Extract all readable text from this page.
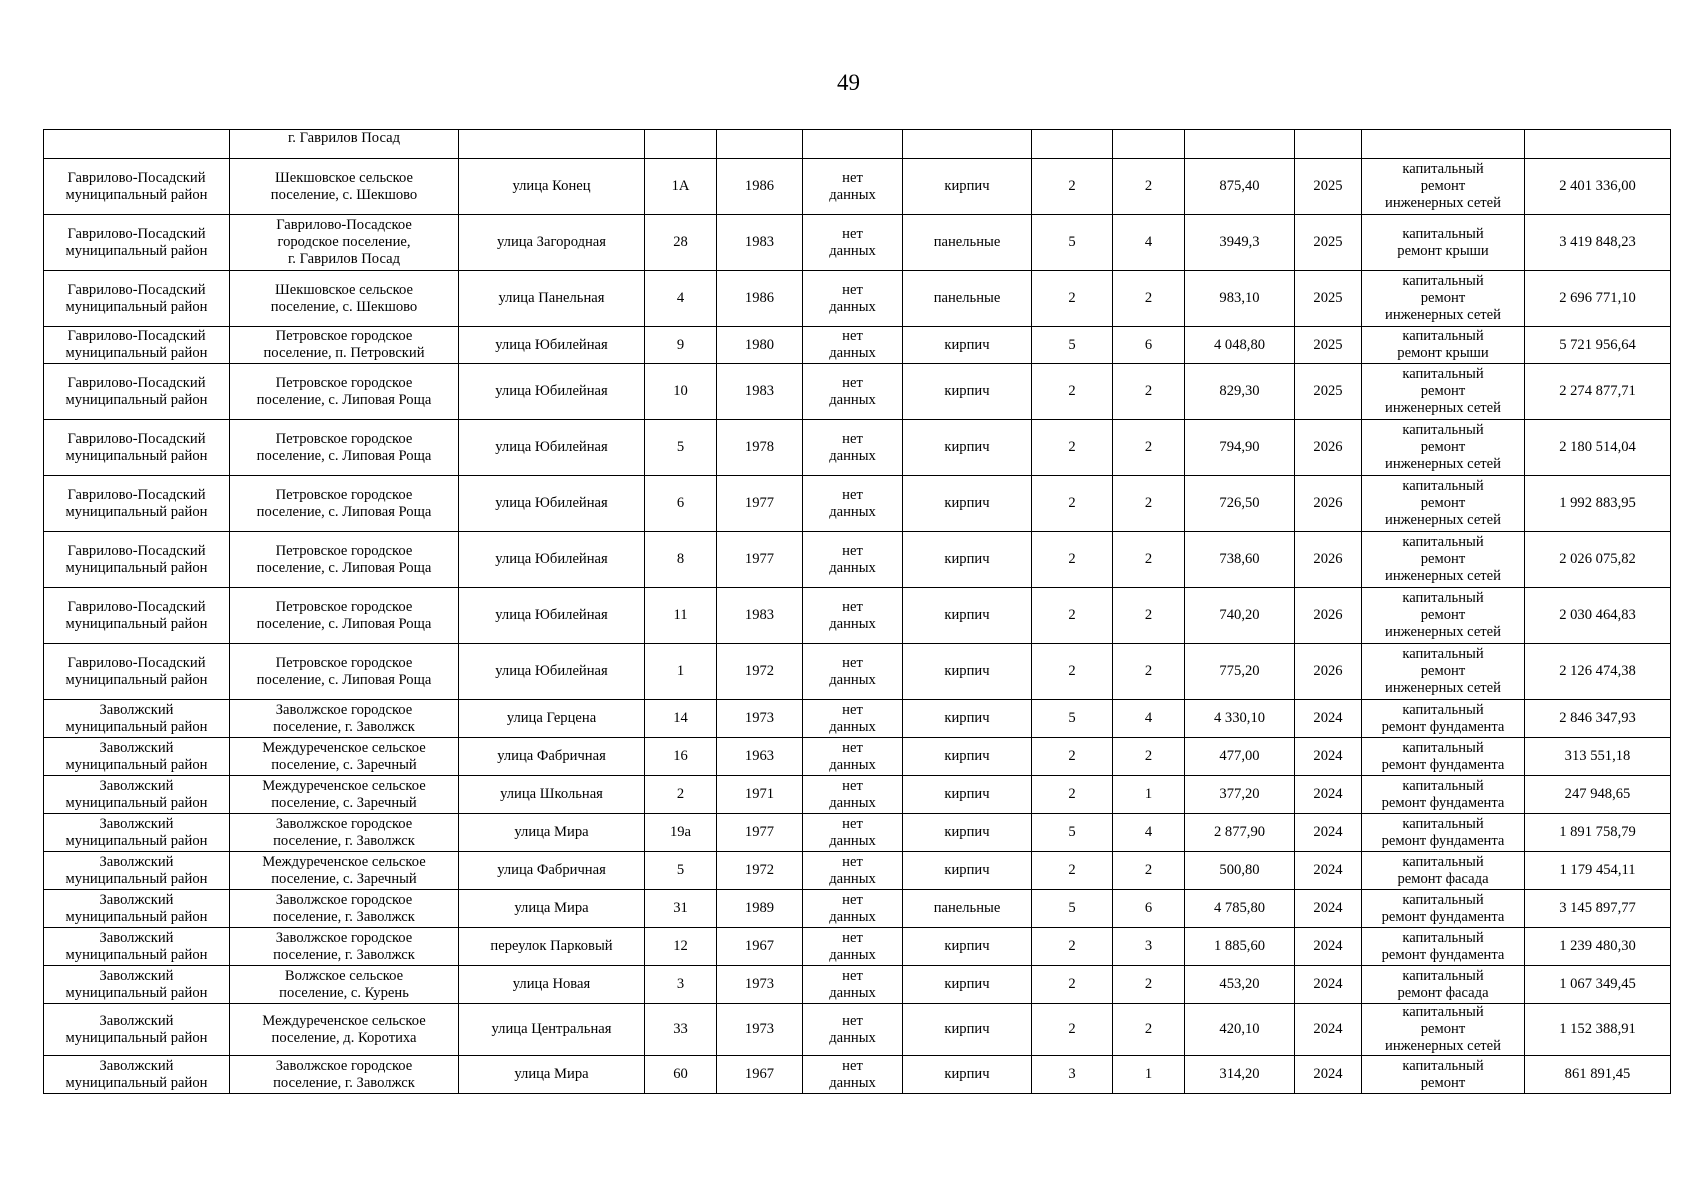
49
	г. Гаврилов Посад											
Гаврилово-Посадский
муниципальный район	Шекшовское сельское
поселение, с. Шекшово	улица Конец	1А	1986	нет
данных	кирпич	2	2	875,40	2025	капитальный
ремонт
инженерных сетей	2 401 336,00
Гаврилово-Посадский
муниципальный район	Гаврилово-Посадское
городское поселение,
г. Гаврилов Посад	улица Загородная	28	1983	нет
данных	панельные	5	4	3949,3	2025	капитальный
ремонт крыши	3 419 848,23
Гаврилово-Посадский
муниципальный район	Шекшовское сельское
поселение, с. Шекшово	улица Панельная	4	1986	нет
данных	панельные	2	2	983,10	2025	капитальный
ремонт
инженерных сетей	2 696 771,10
Гаврилово-Посадский
муниципальный район	Петровское городское
поселение, п. Петровский	улица Юбилейная	9	1980	нет
данных	кирпич	5	6	4 048,80	2025	капитальный
ремонт крыши	5 721 956,64
Гаврилово-Посадский
муниципальный район	Петровское городское
поселение, с. Липовая Роща	улица Юбилейная	10	1983	нет
данных	кирпич	2	2	829,30	2025	капитальный
ремонт
инженерных сетей	2 274 877,71
Гаврилово-Посадский
муниципальный район	Петровское городское
поселение, с. Липовая Роща	улица Юбилейная	5	1978	нет
данных	кирпич	2	2	794,90	2026	капитальный
ремонт
инженерных сетей	2 180 514,04
Гаврилово-Посадский
муниципальный район	Петровское городское
поселение, с. Липовая Роща	улица Юбилейная	6	1977	нет
данных	кирпич	2	2	726,50	2026	капитальный
ремонт
инженерных сетей	1 992 883,95
Гаврилово-Посадский
муниципальный район	Петровское городское
поселение, с. Липовая Роща	улица Юбилейная	8	1977	нет
данных	кирпич	2	2	738,60	2026	капитальный
ремонт
инженерных сетей	2 026 075,82
Гаврилово-Посадский
муниципальный район	Петровское городское
поселение, с. Липовая Роща	улица Юбилейная	11	1983	нет
данных	кирпич	2	2	740,20	2026	капитальный
ремонт
инженерных сетей	2 030 464,83
Гаврилово-Посадский
муниципальный район	Петровское городское
поселение, с. Липовая Роща	улица Юбилейная	1	1972	нет
данных	кирпич	2	2	775,20	2026	капитальный
ремонт
инженерных сетей	2 126 474,38
Заволжский
муниципальный район	Заволжское городское
поселение, г. Заволжск	улица Герцена	14	1973	нет
данных	кирпич	5	4	4 330,10	2024	капитальный
ремонт фундамента	2 846 347,93
Заволжский
муниципальный район	Междуреченское сельское
поселение, с. Заречный	улица Фабричная	16	1963	нет
данных	кирпич	2	2	477,00	2024	капитальный
ремонт фундамента	313 551,18
Заволжский
муниципальный район	Междуреченское сельское
поселение, с. Заречный	улица Школьная	2	1971	нет
данных	кирпич	2	1	377,20	2024	капитальный
ремонт фундамента	247 948,65
Заволжский
муниципальный район	Заволжское городское
поселение, г. Заволжск	улица Мира	19а	1977	нет
данных	кирпич	5	4	2 877,90	2024	капитальный
ремонт фундамента	1 891 758,79
Заволжский
муниципальный район	Междуреченское сельское
поселение, с. Заречный	улица Фабричная	5	1972	нет
данных	кирпич	2	2	500,80	2024	капитальный
ремонт фасада	1 179 454,11
Заволжский
муниципальный район	Заволжское городское
поселение, г. Заволжск	улица Мира	31	1989	нет
данных	панельные	5	6	4 785,80	2024	капитальный
ремонт фундамента	3 145 897,77
Заволжский
муниципальный район	Заволжское городское
поселение, г. Заволжск	переулок Парковый	12	1967	нет
данных	кирпич	2	3	1 885,60	2024	капитальный
ремонт фундамента	1 239 480,30
Заволжский
муниципальный район	Волжское сельское
поселение, с. Курень	улица Новая	3	1973	нет
данных	кирпич	2	2	453,20	2024	капитальный
ремонт фасада	1 067 349,45
Заволжский
муниципальный район	Междуреченское сельское
поселение, д. Коротиха	улица Центральная	33	1973	нет
данных	кирпич	2	2	420,10	2024	капитальный
ремонт
инженерных сетей	1 152 388,91
Заволжский
муниципальный район	Заволжское городское
поселение, г. Заволжск	улица Мира	60	1967	нет
данных	кирпич	3	1	314,20	2024	капитальный
ремонт	861 891,45
